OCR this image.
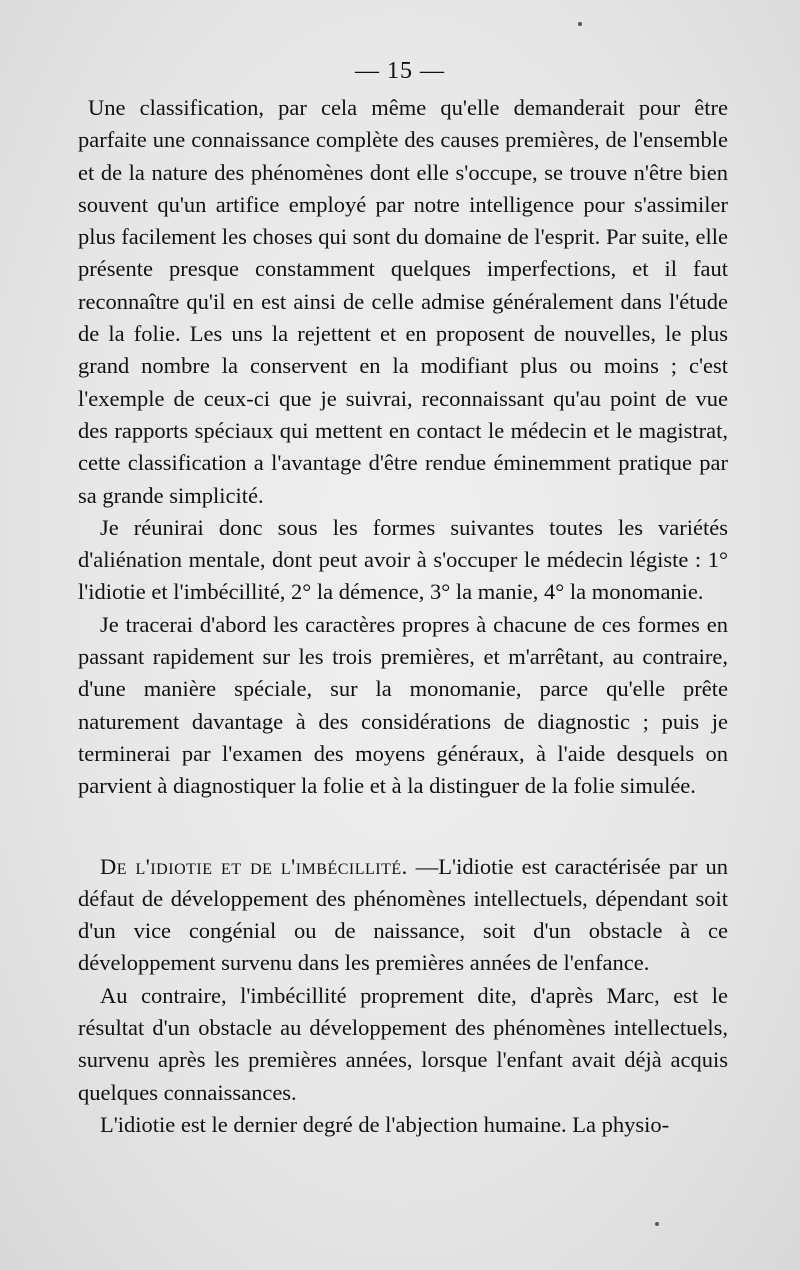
— 15 —

Une classification, par cela même qu'elle demanderait pour être parfaite une connaissance complète des causes premières, de l'ensemble et de la nature des phénomènes dont elle s'occupe, se trouve n'être bien souvent qu'un artifice employé par notre intelligence pour s'assimiler plus facilement les choses qui sont du domaine de l'esprit. Par suite, elle présente presque constamment quelques imperfections, et il faut reconnaître qu'il en est ainsi de celle admise généralement dans l'étude de la folie. Les uns la rejettent et en proposent de nouvelles, le plus grand nombre la conservent en la modifiant plus ou moins ; c'est l'exemple de ceux-ci que je suivrai, reconnaissant qu'au point de vue des rapports spéciaux qui mettent en contact le médecin et le magistrat, cette classification a l'avantage d'être rendue éminemment pratique par sa grande simplicité.

Je réunirai donc sous les formes suivantes toutes les variétés d'aliénation mentale, dont peut avoir à s'occuper le médecin légiste : 1° l'idiotie et l'imbécillité, 2° la démence, 3° la manie, 4° la monomanie.

Je tracerai d'abord les caractères propres à chacune de ces formes en passant rapidement sur les trois premières, et m'arrêtant, au contraire, d'une manière spéciale, sur la monomanie, parce qu'elle prête naturement davantage à des considérations de diagnostic ; puis je terminerai par l'examen des moyens généraux, à l'aide desquels on parvient à diagnostiquer la folie et à la distinguer de la folie simulée.

De l'idiotie et de l'imbécillité. —L'idiotie est caractérisée par un défaut de développement des phénomènes intellectuels, dépendant soit d'un vice congénial ou de naissance, soit d'un obstacle à ce développement survenu dans les premières années de l'enfance.

Au contraire, l'imbécillité proprement dite, d'après Marc, est le résultat d'un obstacle au développement des phénomènes intellectuels, survenu après les premières années, lorsque l'enfant avait déjà acquis quelques connaissances.

L'idiotie est le dernier degré de l'abjection humaine. La physio-
